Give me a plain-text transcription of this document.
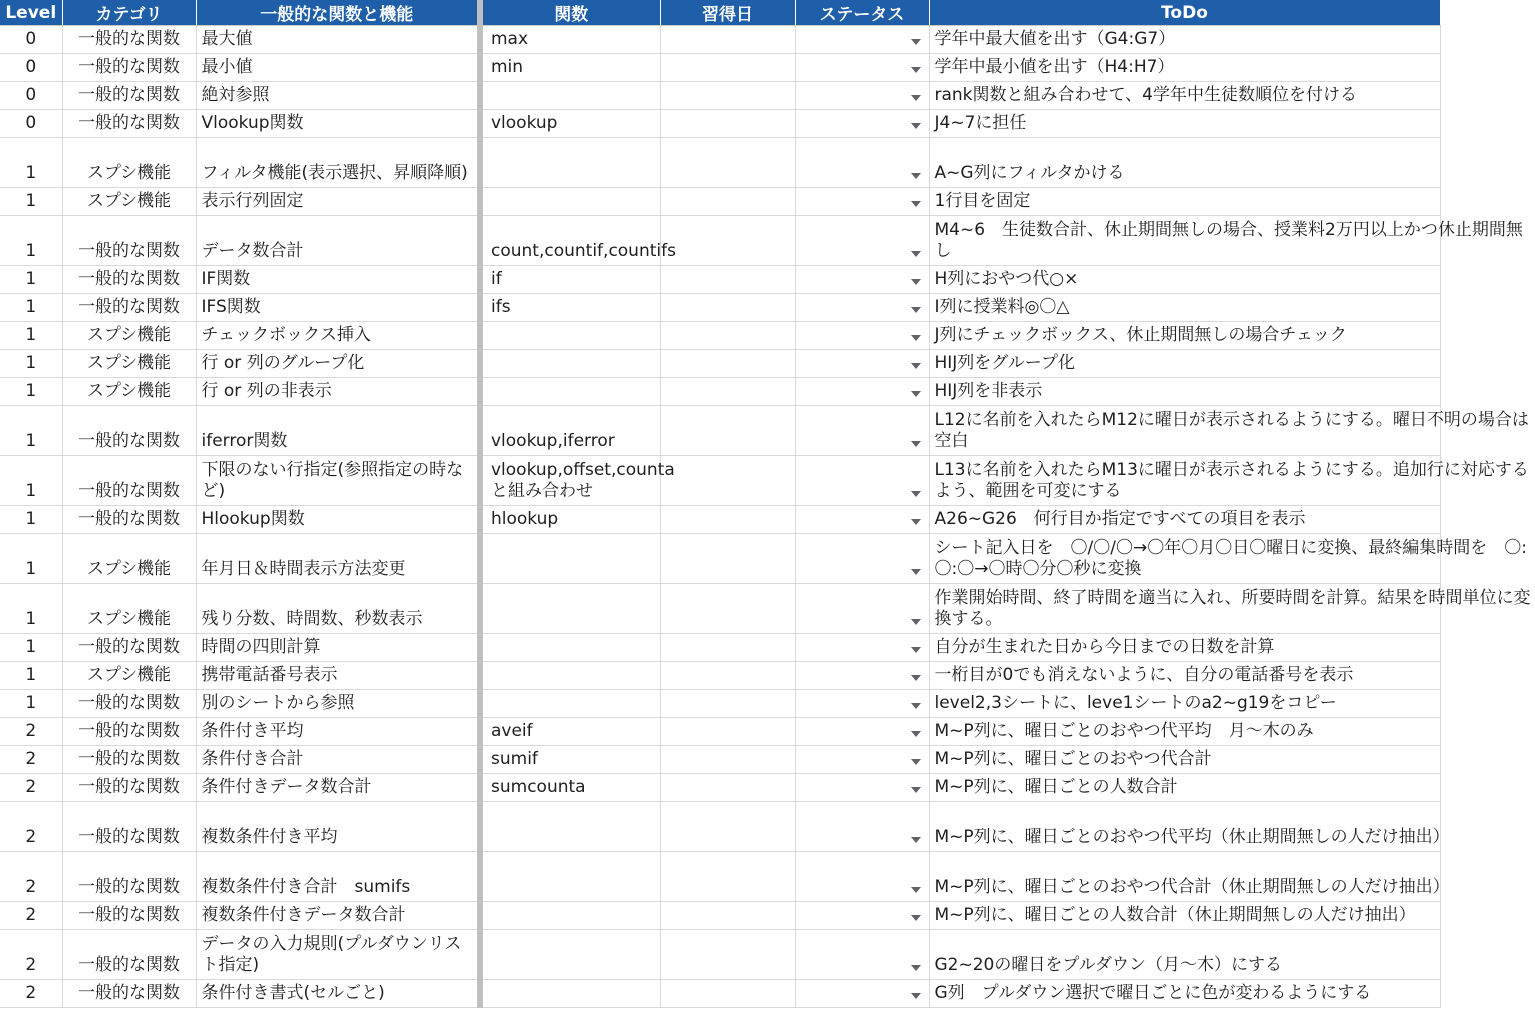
Level	カテゴリ	一般的な関数と機能	関数	習得日	ステータス	ToDo
0	一般的な関数	最大値	max			学年中最大値を出す（G4:G7）

0	一般的な関数	最小値	min			学年中最小値を出す（H4:H7）

0	一般的な関数	絶対参照				rank関数と組み合わせて、4学年中生徒数順位を付ける

0	一般的な関数	Vlookup関数	vlookup			J4~7に担任

1	スプシ機能	フィルタ機能(表示選択、昇順降順)				A~G列にフィルタかける

1	スプシ機能	表示行列固定				1行目を固定

1	一般的な関数	データ数合計	count,countif,countifs			M4~6　生徒数合計、休止期間無しの場合、授業料2万円以上かつ休止期間無し

1	一般的な関数	IF関数	if			H列におやつ代○×

1	一般的な関数	IFS関数	ifs			I列に授業料◎〇△

1	スプシ機能	チェックボックス挿入				J列にチェックボックス、休止期間無しの場合チェック

1	スプシ機能	行 or 列のグループ化				HIJ列をグループ化

1	スプシ機能	行 or 列の非表示				HIJ列を非表示

1	一般的な関数	iferror関数	vlookup,iferror			L12に名前を入れたらM12に曜日が表示されるようにする。曜日不明の場合は空白

1	一般的な関数	下限のない行指定(参照指定の時など)	vlookup,offset,countaと組み合わせ			L13に名前を入れたらM13に曜日が表示されるようにする。追加行に対応するよう、範囲を可変にする

1	一般的な関数	Hlookup関数	hlookup			A26~G26　何行目か指定ですべての項目を表示

1	スプシ機能	年月日＆時間表示方法変更				シート記入日を　〇/〇/〇→〇年〇月〇日〇曜日に変換、最終編集時間を　〇:〇:〇→〇時〇分〇秒に変換

1	スプシ機能	残り分数、時間数、秒数表示				作業開始時間、終了時間を適当に入れ、所要時間を計算。結果を時間単位に変換する。

1	一般的な関数	時間の四則計算				自分が生まれた日から今日までの日数を計算

1	スプシ機能	携帯電話番号表示				一桁目が0でも消えないように、自分の電話番号を表示

1	一般的な関数	別のシートから参照				level2,3シートに、leve1シートのa2~g19をコピー

2	一般的な関数	条件付き平均	aveif			M~P列に、曜日ごとのおやつ代平均　月～木のみ

2	一般的な関数	条件付き合計	sumif			M~P列に、曜日ごとのおやつ代合計

2	一般的な関数	条件付きデータ数合計	sumcounta			M~P列に、曜日ごとの人数合計

2	一般的な関数	複数条件付き平均				M~P列に、曜日ごとのおやつ代平均（休止期間無しの人だけ抽出）

2	一般的な関数	複数条件付き合計　sumifs				M~P列に、曜日ごとのおやつ代合計（休止期間無しの人だけ抽出）

2	一般的な関数	複数条件付きデータ数合計				M~P列に、曜日ごとの人数合計（休止期間無しの人だけ抽出）

2	一般的な関数	データの入力規則(プルダウンリスト指定)				G2~20の曜日をプルダウン（月～木）にする

2	一般的な関数	条件付き書式(セルごと)				G列　プルダウン選択で曜日ごとに色が変わるようにする
